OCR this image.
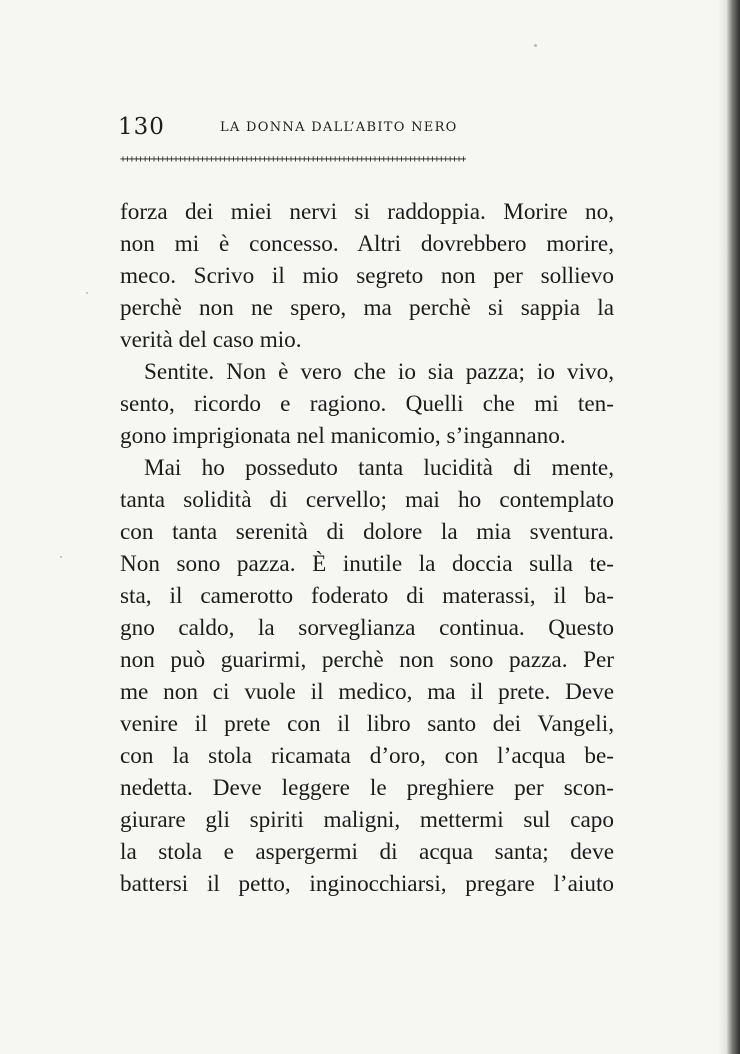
130	LA DONNA DALL’ABITO NERO
++++++++++++++++++++++++++++++++++++++++++++++++++++++++++++++++++++++++++++++
forza dei miei nervi si raddoppia. Morire no,
non mi è concesso. Altri dovrebbero morire,
meco. Scrivo il mio segreto non per sollievo
perchè non ne spero, ma perchè si sappia la
verità del caso mio.
Sentite. Non è vero che io sia pazza; io vivo,
sento, ricordo e ragiono. Quelli che mi ten-
gono imprigionata nel manicomio, s’ingannano.
Mai ho posseduto tanta lucidità di mente,
tanta solidità di cervello; mai ho contemplato
con tanta serenità di dolore la mia sventura.
Non sono pazza. È inutile la doccia sulla te-
sta, il camerotto foderato di materassi, il ba-
gno caldo, la sorveglianza continua. Questo
non può guarirmi, perchè non sono pazza. Per
me non ci vuole il medico, ma il prete. Deve
venire il prete con il libro santo dei Vangeli,
con la stola ricamata d’oro, con l’acqua be-
nedetta. Deve leggere le preghiere per scon-
giurare gli spiriti maligni, mettermi sul capo
la stola e aspergermi di acqua santa; deve
battersi il petto, inginocchiarsi, pregare l’aiuto
